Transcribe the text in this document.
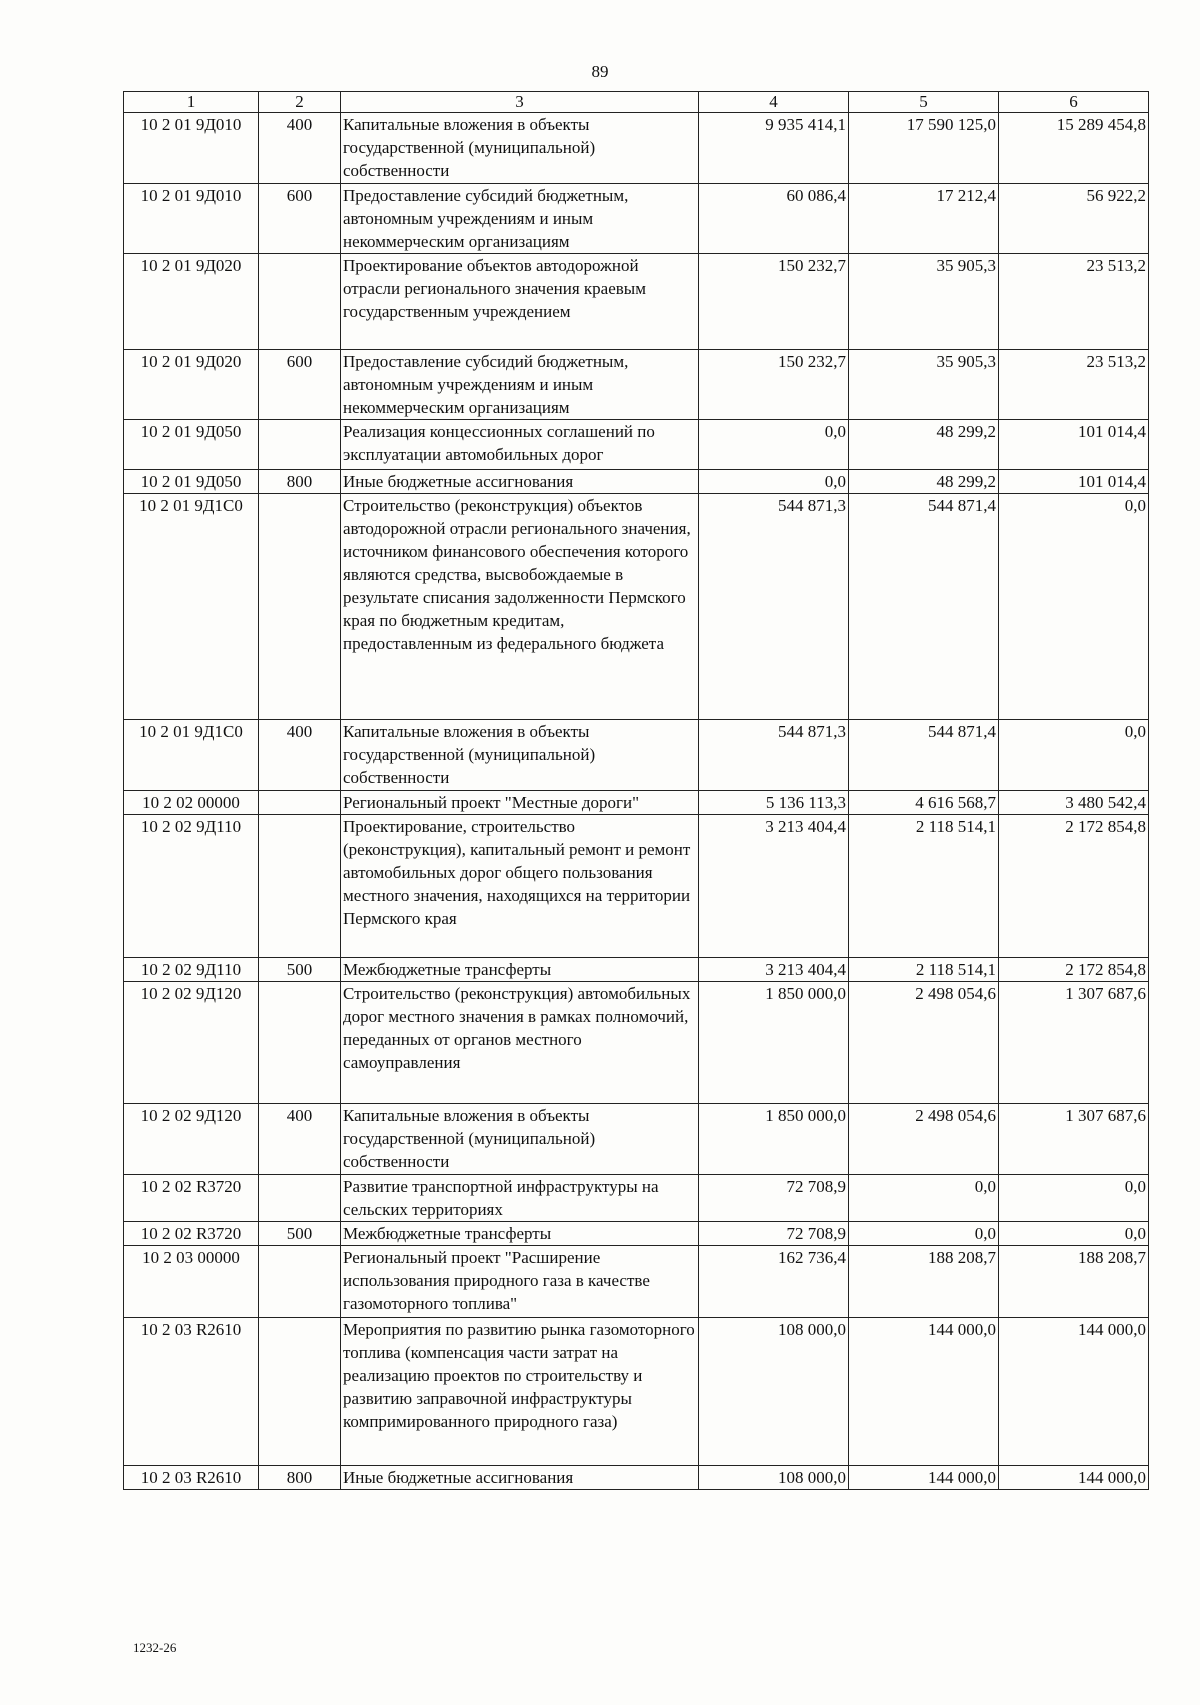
89
1	2	3	4	5	6
10 2 01 9Д010	400	Капитальные вложения в объекты государственной (муниципальной) собственности	9 935 414,1	17 590 125,0	15 289 454,8
10 2 01 9Д010	600	Предоставление субсидий бюджетным, автономным учреждениям и иным некоммерческим организациям	60 086,4	17 212,4	56 922,2
10 2 01 9Д020		Проектирование объектов автодорожной отрасли регионального значения краевым государственным учреждением	150 232,7	35 905,3	23 513,2
10 2 01 9Д020	600	Предоставление субсидий бюджетным, автономным учреждениям и иным некоммерческим организациям	150 232,7	35 905,3	23 513,2
10 2 01 9Д050		Реализация концессионных соглашений по эксплуатации автомобильных дорог	0,0	48 299,2	101 014,4
10 2 01 9Д050	800	Иные бюджетные ассигнования	0,0	48 299,2	101 014,4
10 2 01 9Д1С0		Строительство (реконструкция) объектов автодорожной отрасли регионального значения, источником финансового обеспечения которого являются средства, высвобождаемые в результате списания задолженности Пермского края по бюджетным кредитам, предоставленным из федерального бюджета	544 871,3	544 871,4	0,0
10 2 01 9Д1С0	400	Капитальные вложения в объекты государственной (муниципальной) собственности	544 871,3	544 871,4	0,0
10 2 02 00000		Региональный проект "Местные дороги"	5 136 113,3	4 616 568,7	3 480 542,4
10 2 02 9Д110		Проектирование, строительство (реконструкция), капитальный ремонт и ремонт автомобильных дорог общего пользования местного значения, находящихся на территории Пермского края	3 213 404,4	2 118 514,1	2 172 854,8
10 2 02 9Д110	500	Межбюджетные трансферты	3 213 404,4	2 118 514,1	2 172 854,8
10 2 02 9Д120		Строительство (реконструкция) автомобильных дорог местного значения в рамках полномочий, переданных от органов местного самоуправления	1 850 000,0	2 498 054,6	1 307 687,6
10 2 02 9Д120	400	Капитальные вложения в объекты государственной (муниципальной) собственности	1 850 000,0	2 498 054,6	1 307 687,6
10 2 02 R3720		Развитие транспортной инфраструктуры на сельских территориях	72 708,9	0,0	0,0
10 2 02 R3720	500	Межбюджетные трансферты	72 708,9	0,0	0,0
10 2 03 00000		Региональный проект "Расширение использования природного газа в качестве газомоторного топлива"	162 736,4	188 208,7	188 208,7
10 2 03 R2610		Мероприятия по развитию рынка газомоторного топлива (компенсация части затрат на реализацию проектов по строительству и развитию заправочной инфраструктуры компримированного природного газа)	108 000,0	144 000,0	144 000,0
10 2 03 R2610	800	Иные бюджетные ассигнования	108 000,0	144 000,0	144 000,0
1232-26
